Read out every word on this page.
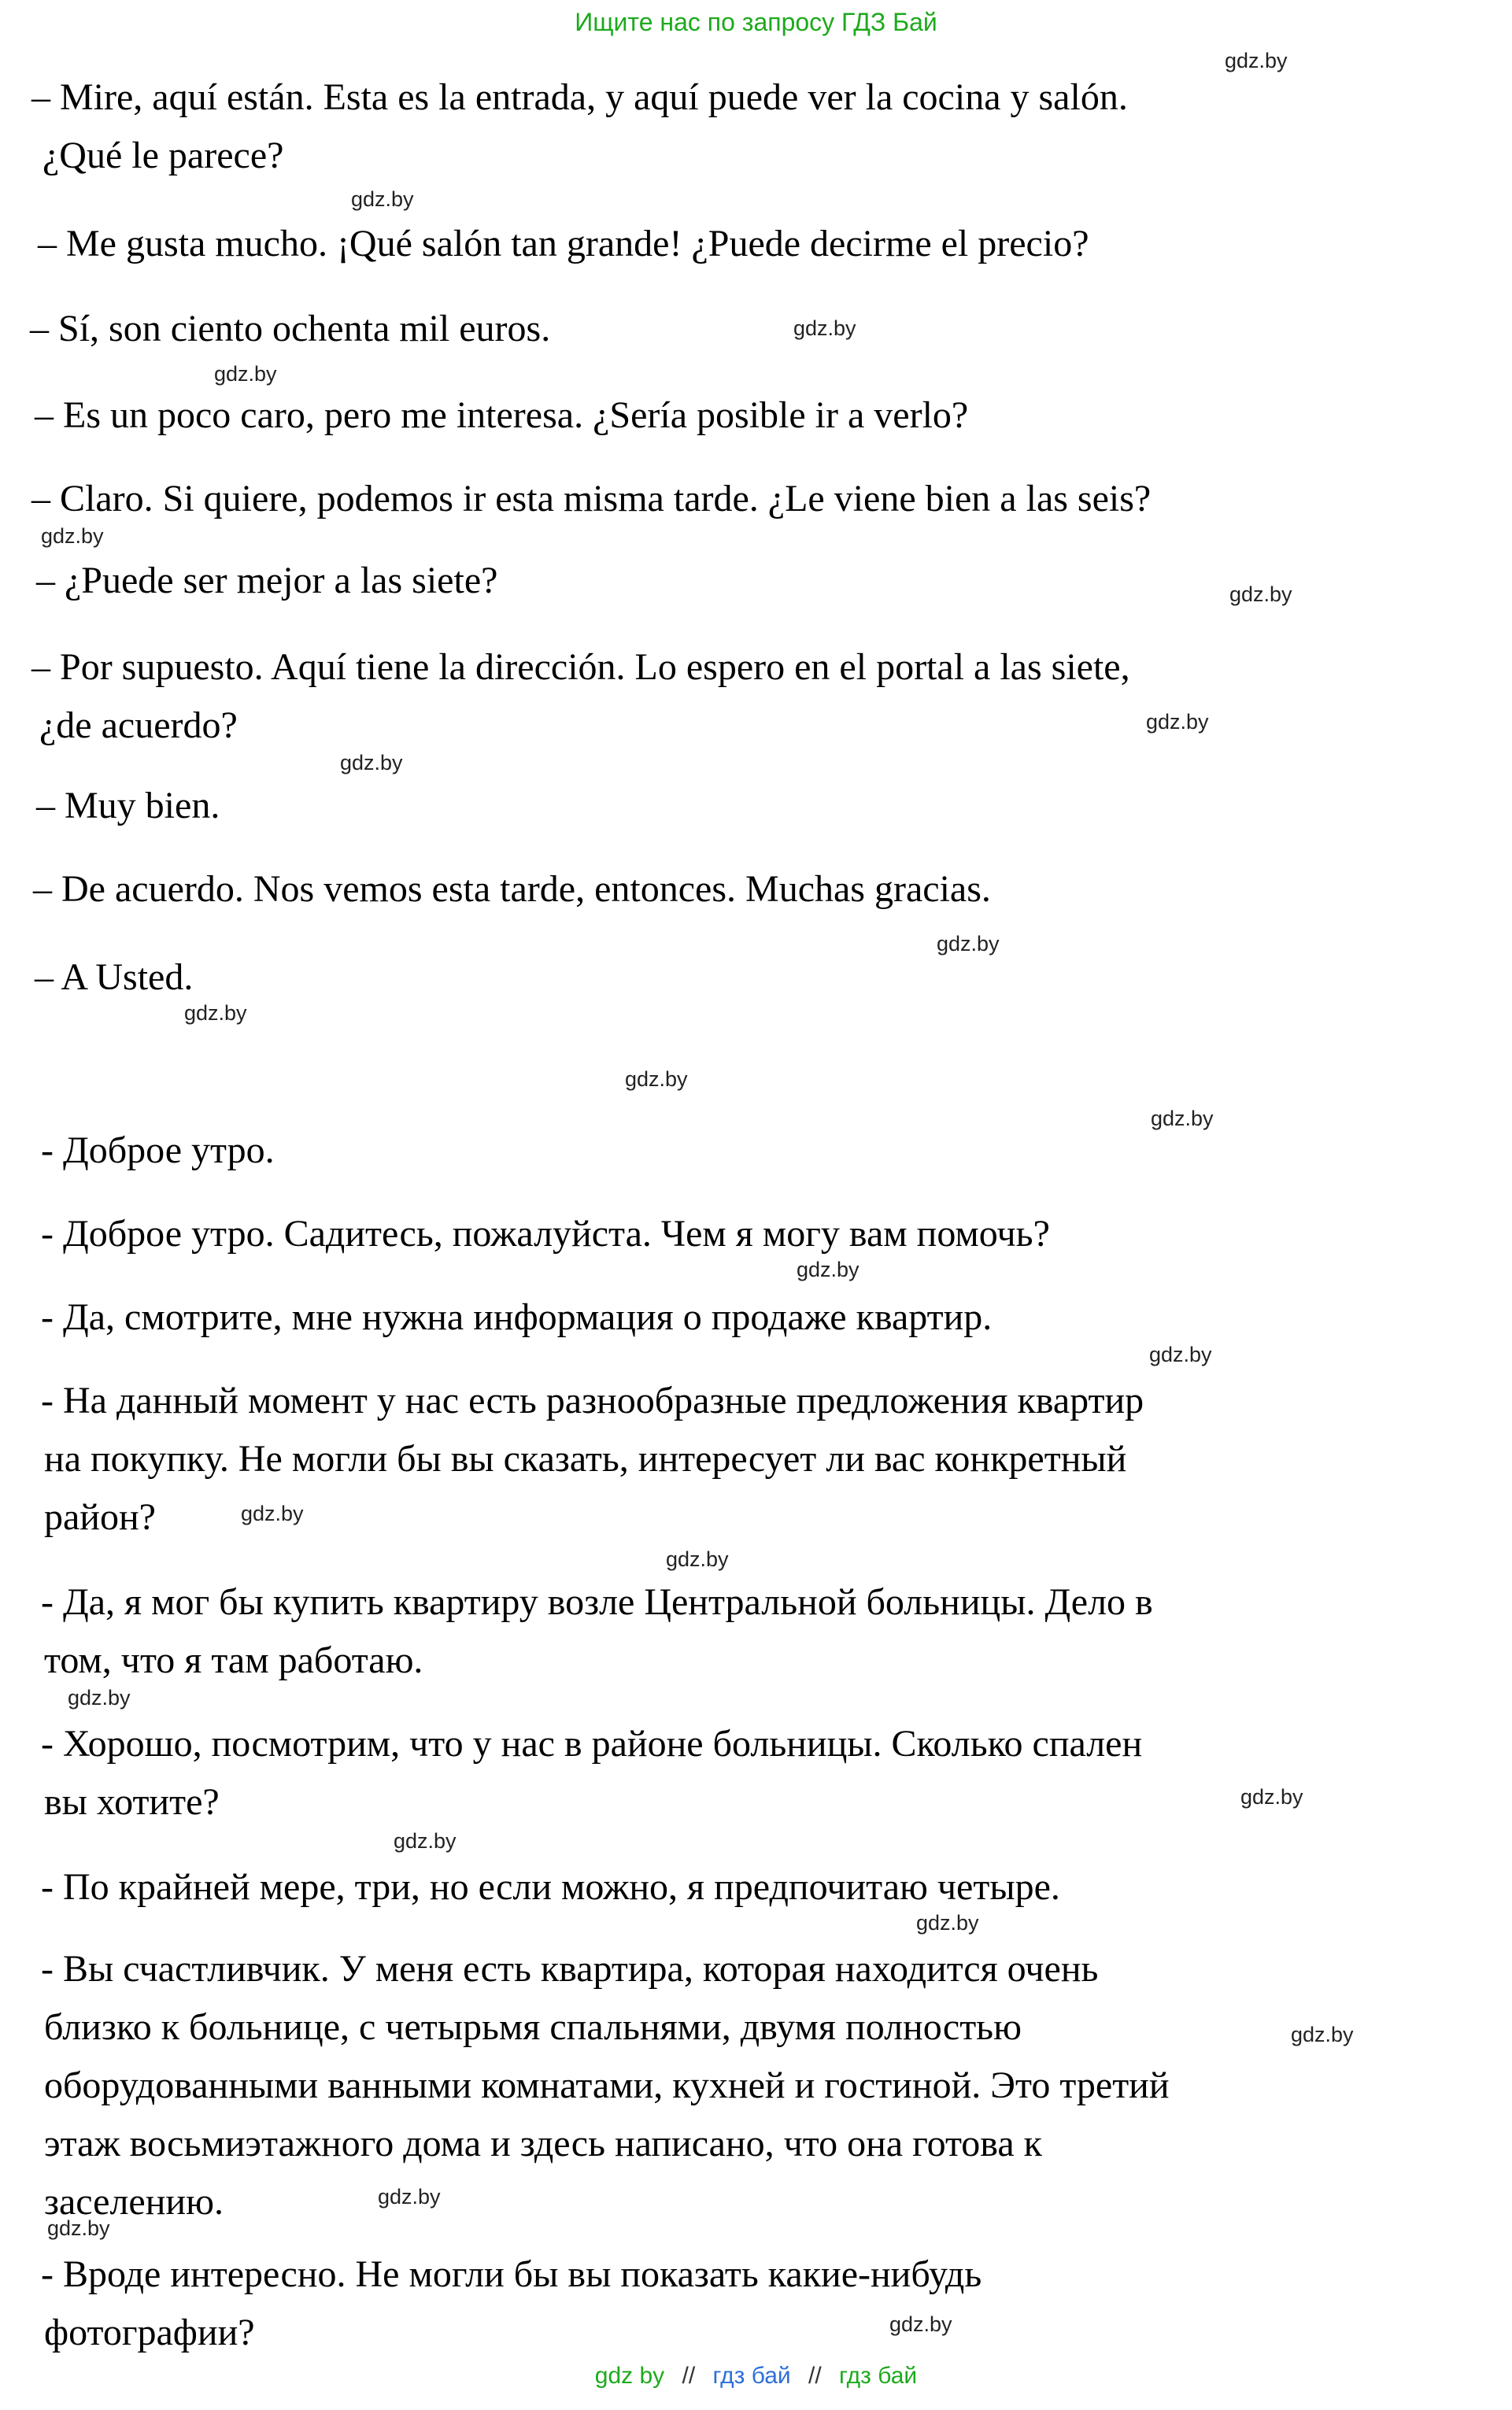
Ищите нас по запросу ГДЗ Бай
gdz.by
gdz.by
gdz.by
gdz.by
gdz.by
gdz.by
gdz.by
gdz.by
gdz.by
gdz.by
gdz.by
gdz.by
gdz.by
gdz.by
gdz.by
gdz.by
gdz.by
gdz.by
gdz.by
gdz.by
gdz.by
gdz.by
gdz.by
gdz.by
– Mire, aquí están. Esta es la entrada, y aquí puede ver la cocina y salón.
¿Qué le parece?
– Me gusta mucho. ¡Qué salón tan grande! ¿Puede decirme el precio?
– Sí, son ciento ochenta mil euros.
– Es un poco caro, pero me interesa. ¿Sería posible ir a verlo?
– Claro. Si quiere, podemos ir esta misma tarde. ¿Le viene bien a las seis?
– ¿Puede ser mejor a las siete?
– Por supuesto. Aquí tiene la dirección. Lo espero en el portal a las siete,
¿de acuerdo?
– Muy bien.
– De acuerdo. Nos vemos esta tarde, entonces. Muchas gracias.
– A Usted.
- Доброе утро.
- Доброе утро. Садитесь, пожалуйста. Чем я могу вам помочь?
- Да, смотрите, мне нужна информация о продаже квартир.
- На данный момент у нас есть разнообразные предложения квартир
на покупку. Не могли бы вы сказать, интересует ли вас конкретный
район?
- Да, я мог бы купить квартиру возле Центральной больницы. Дело в
том, что я там работаю.
- Хорошо, посмотрим, что у нас в районе больницы. Сколько спален
вы хотите?
- По крайней мере, три, но если можно, я предпочитаю четыре.
- Вы счастливчик. У меня есть квартира, которая находится очень
близко к больнице, с четырьмя спальнями, двумя полностью
оборудованными ванными комнатами, кухней и гостиной. Это третий
этаж восьмиэтажного дома и здесь написано, что она готова к
заселению.
- Вроде интересно. Не могли бы вы показать какие-нибудь
фотографии?
gdz by // гдз бай // гдз бай
